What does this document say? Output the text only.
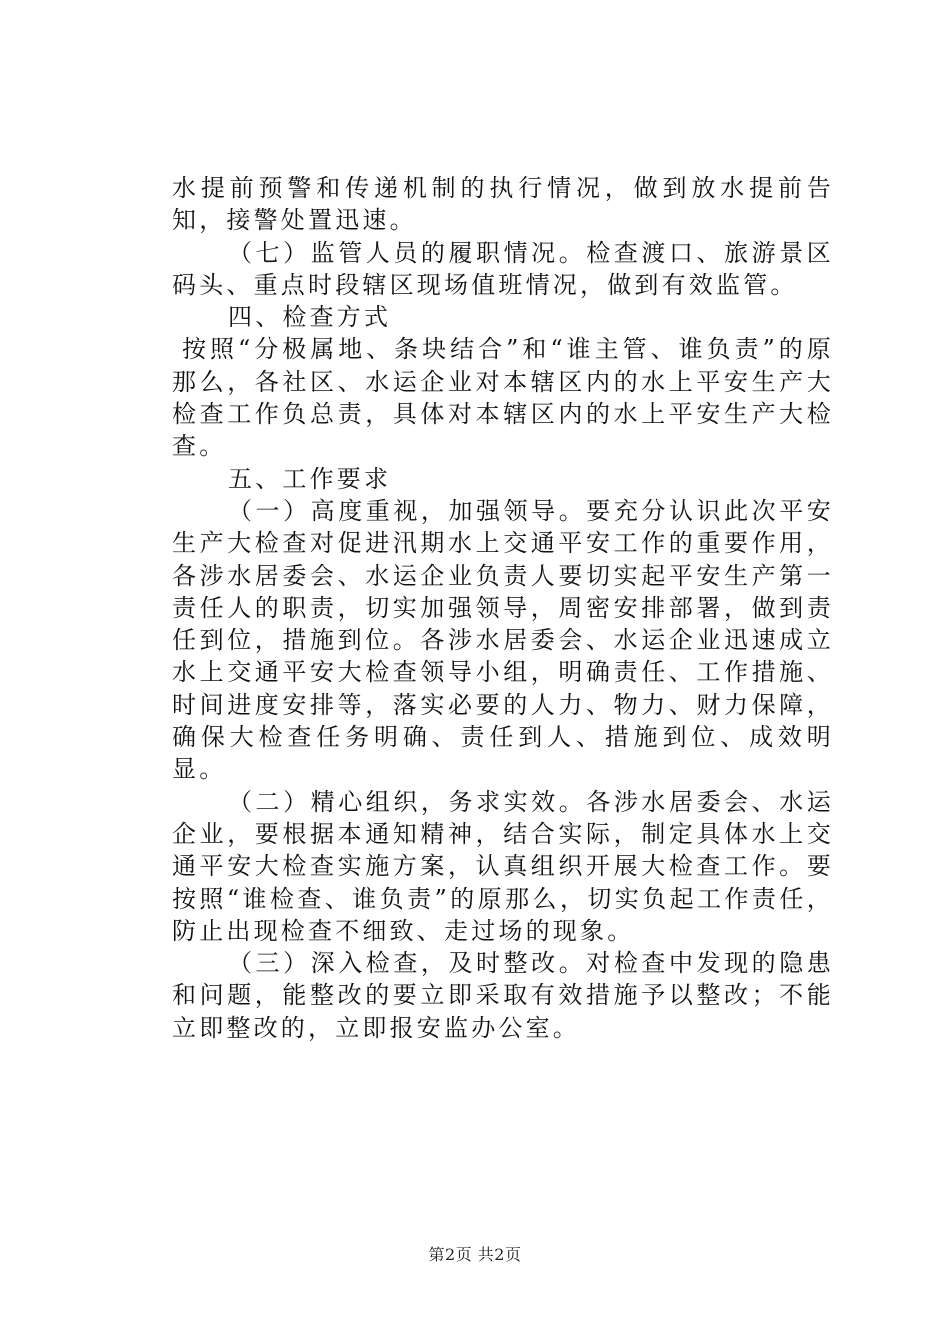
水提前预警和传递机制的执行情况，做到放水提前告知，接警处置迅速。

（七）监管人员的履职情况。检查渡口、旅游景区码头、重点时段辖区现场值班情况，做到有效监管。

四、检查方式

按照“分极属地、条块结合”和“谁主管、谁负责”的原那么，各社区、水运企业对本辖区内的水上平安生产大检查工作负总责，具体对本辖区内的水上平安生产大检查。

五、工作要求

（一）高度重视，加强领导。要充分认识此次平安生产大检查对促进汛期水上交通平安工作的重要作用，各涉水居委会、水运企业负责人要切实起平安生产第一责任人的职责，切实加强领导，周密安排部署，做到责任到位，措施到位。各涉水居委会、水运企业迅速成立水上交通平安大检查领导小组，明确责任、工作措施、时间进度安排等，落实必要的人力、物力、财力保障，确保大检查任务明确、责任到人、措施到位、成效明显。

（二）精心组织，务求实效。各涉水居委会、水运企业，要根据本通知精神，结合实际，制定具体水上交通平安大检查实施方案，认真组织开展大检查工作。要按照“谁检查、谁负责”的原那么，切实负起工作责任，防止出现检查不细致、走过场的现象。

（三）深入检查，及时整改。对检查中发现的隐患和问题，能整改的要立即采取有效措施予以整改；不能立即整改的，立即报安监办公室。

第2页 共2页
